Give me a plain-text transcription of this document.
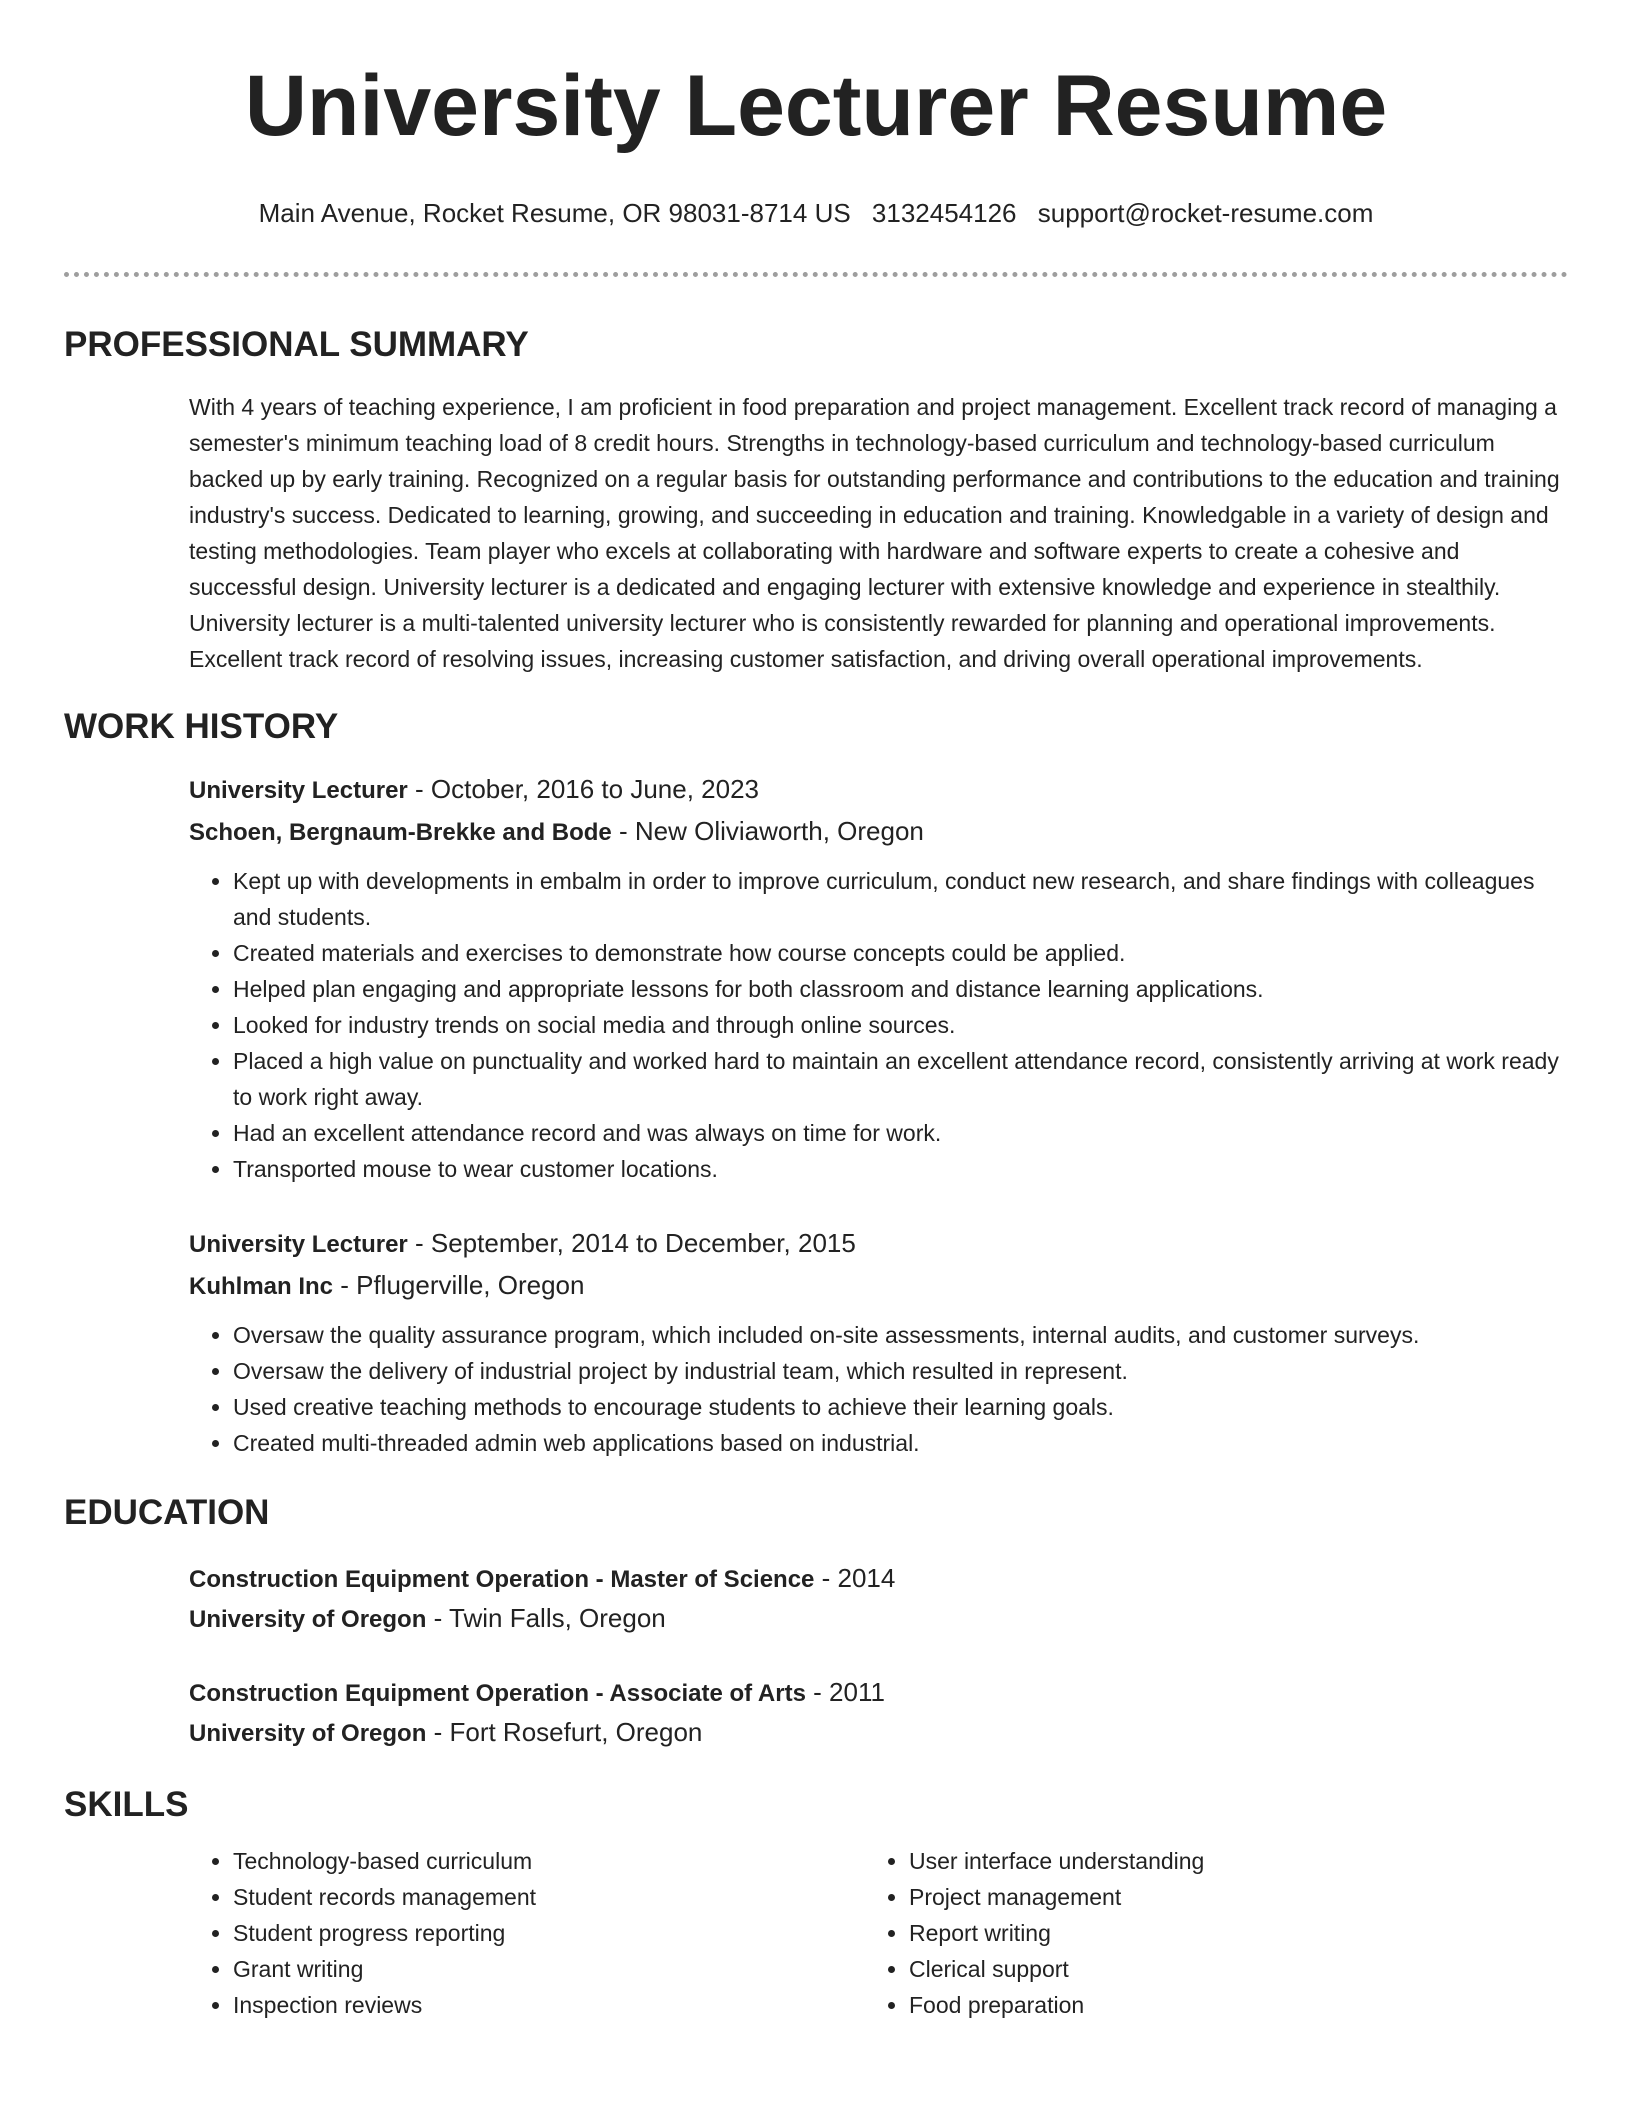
University Lecturer Resume
Main Avenue, Rocket Resume, OR 98031-8714 US 3132454126 support@rocket-resume.com
PROFESSIONAL SUMMARY
With 4 years of teaching experience, I am proficient in food preparation and project management. Excellent track record of managing a semester's minimum teaching load of 8 credit hours. Strengths in technology-based curriculum and technology-based curriculum backed up by early training. Recognized on a regular basis for outstanding performance and contributions to the education and training industry's success. Dedicated to learning, growing, and succeeding in education and training. Knowledgable in a variety of design and testing methodologies. Team player who excels at collaborating with hardware and software experts to create a cohesive and successful design. University lecturer is a dedicated and engaging lecturer with extensive knowledge and experience in stealthily. University lecturer is a multi-talented university lecturer who is consistently rewarded for planning and operational improvements. Excellent track record of resolving issues, increasing customer satisfaction, and driving overall operational improvements.
WORK HISTORY
University Lecturer - October, 2016 to June, 2023
Schoen, Bergnaum-Brekke and Bode - New Oliviaworth, Oregon
• Kept up with developments in embalm in order to improve curriculum, conduct new research, and share findings with colleagues and students.
• Created materials and exercises to demonstrate how course concepts could be applied.
• Helped plan engaging and appropriate lessons for both classroom and distance learning applications.
• Looked for industry trends on social media and through online sources.
• Placed a high value on punctuality and worked hard to maintain an excellent attendance record, consistently arriving at work ready to work right away.
• Had an excellent attendance record and was always on time for work.
• Transported mouse to wear customer locations.
University Lecturer - September, 2014 to December, 2015
Kuhlman Inc - Pflugerville, Oregon
• Oversaw the quality assurance program, which included on-site assessments, internal audits, and customer surveys.
• Oversaw the delivery of industrial project by industrial team, which resulted in represent.
• Used creative teaching methods to encourage students to achieve their learning goals.
• Created multi-threaded admin web applications based on industrial.
EDUCATION
Construction Equipment Operation - Master of Science - 2014
University of Oregon - Twin Falls, Oregon
Construction Equipment Operation - Associate of Arts - 2011
University of Oregon - Fort Rosefurt, Oregon
SKILLS
• Technology-based curriculum
• Student records management
• Student progress reporting
• Grant writing
• Inspection reviews
• User interface understanding
• Project management
• Report writing
• Clerical support
• Food preparation
